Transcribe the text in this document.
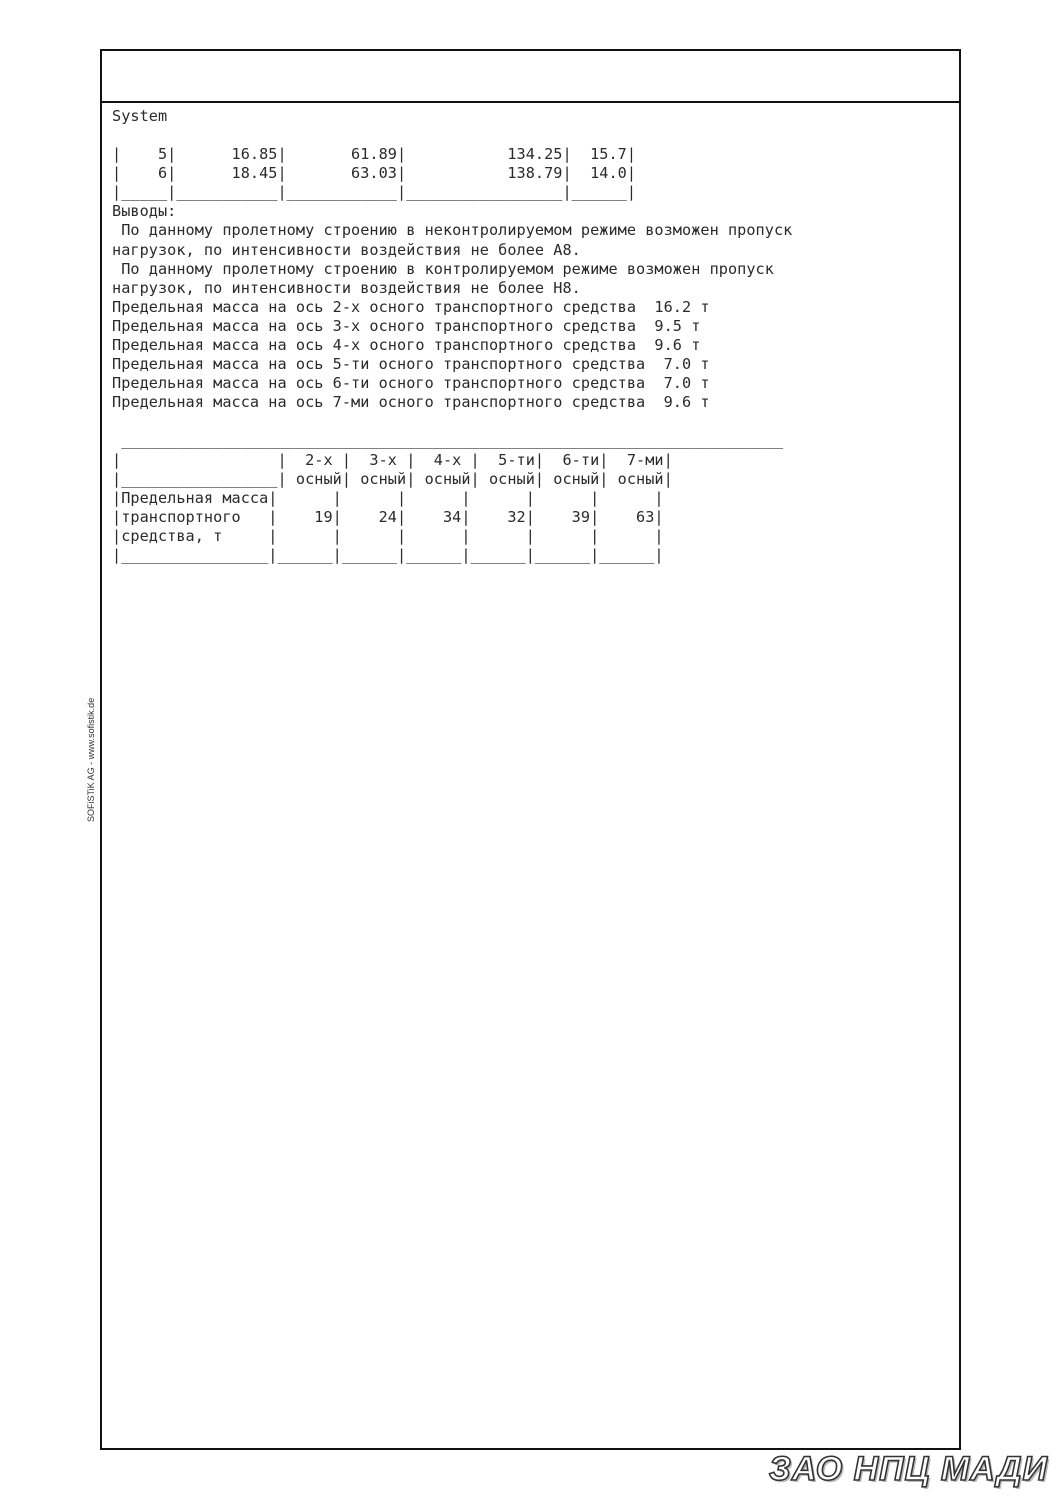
System
|    5|      16.85|       61.89|           134.25|  15.7|
|    6|      18.45|       63.03|           138.79|  14.0|
|_____|___________|____________|_________________|______|
Выводы:
По данному пролетному строению в неконтролируемом режиме возможен пропуск
нагрузок, по интенсивности воздействия не более А8.
По данному пролетному строению в контролируемом режиме возможен пропуск
нагрузок, по интенсивности воздействия не более Н8.
Предельная масса на ось 2-х осного транспортного средства  16.2 т
Предельная масса на ось 3-х осного транспортного средства  9.5 т
Предельная масса на ось 4-х осного транспортного средства  9.6 т
Предельная масса на ось 5-ти осного транспортного средства  7.0 т
Предельная масса на ось 6-ти осного транспортного средства  7.0 т
Предельная масса на ось 7-ми осного транспортного средства  9.6 т
________________________________________________________________________
|                 |  2-х |  3-х |  4-х |  5-ти|  6-ти|  7-ми|
|_________________| осный| осный| осный| осный| осный| осный|
|Предельная масса|      |      |      |      |      |      |
|транспортного   |    19|    24|    34|    32|    39|    63|
|средства, т     |      |      |      |      |      |      |
|________________|______|______|______|______|______|______|
SOFiSTiK AG - www.sofistik.de
ЗАО НПЦ МАДИ
